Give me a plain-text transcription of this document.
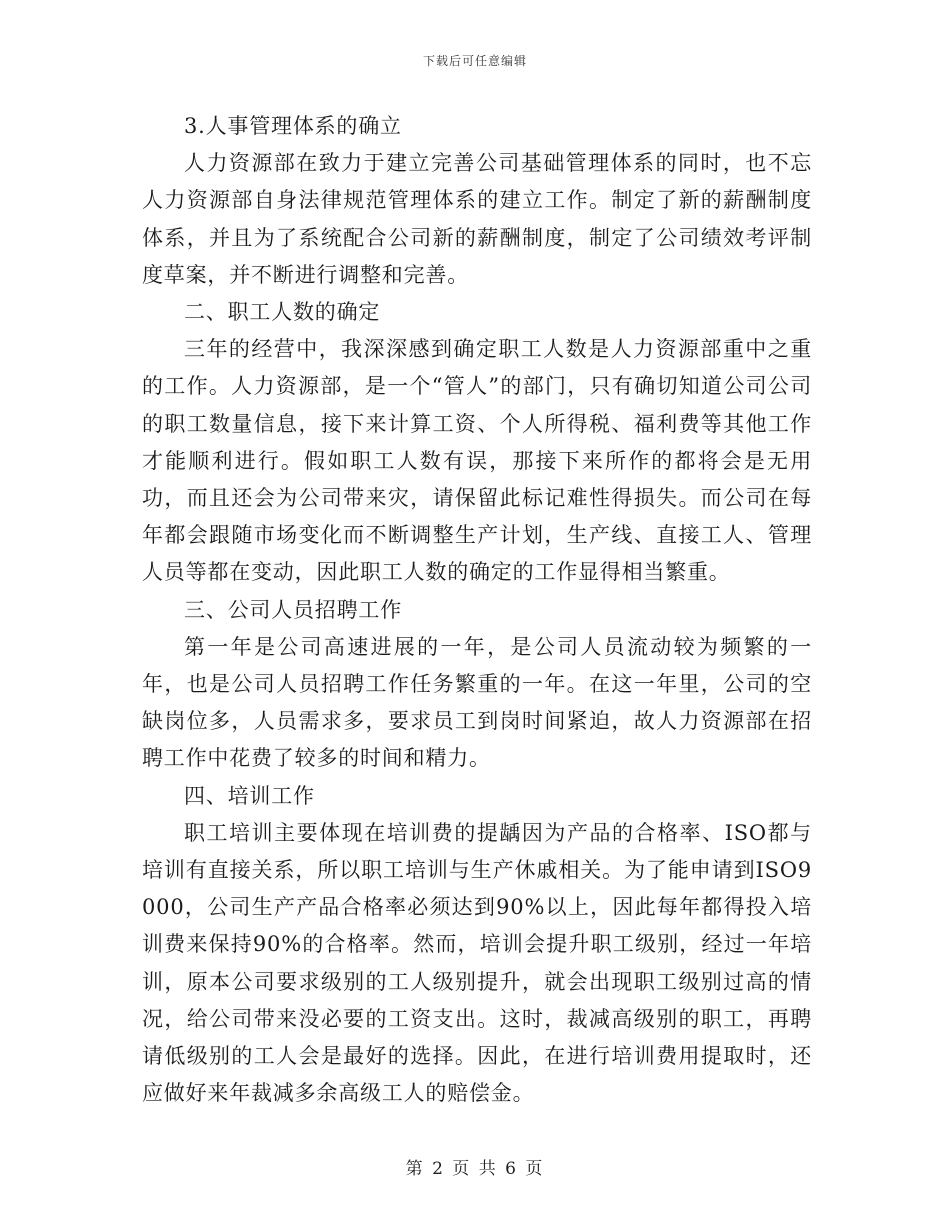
下载后可任意编辑

3.人事管理体系的确立

人力资源部在致力于建立完善公司基础管理体系的同时，也不忘人力资源部自身法律规范管理体系的建立工作。制定了新的薪酬制度体系，并且为了系统配合公司新的薪酬制度，制定了公司绩效考评制度草案，并不断进行调整和完善。

二、职工人数的确定

三年的经营中，我深深感到确定职工人数是人力资源部重中之重的工作。人力资源部，是一个“管人”的部门，只有确切知道公司公司的职工数量信息，接下来计算工资、个人所得税、福利费等其他工作才能顺利进行。假如职工人数有误，那接下来所作的都将会是无用功，而且还会为公司带来灾，请保留此标记难性得损失。而公司在每年都会跟随市场变化而不断调整生产计划，生产线、直接工人、管理人员等都在变动，因此职工人数的确定的工作显得相当繁重。

三、公司人员招聘工作

第一年是公司高速进展的一年，是公司人员流动较为频繁的一年，也是公司人员招聘工作任务繁重的一年。在这一年里，公司的空缺岗位多，人员需求多，要求员工到岗时间紧迫，故人力资源部在招聘工作中花费了较多的时间和精力。

四、培训工作

职工培训主要体现在培训费的提龋因为产品的合格率、ISO都与培训有直接关系，所以职工培训与生产休戚相关。为了能申请到ISO9000，公司生产产品合格率必须达到90%以上，因此每年都得投入培训费来保持90%的合格率。然而，培训会提升职工级别，经过一年培训，原本公司要求级别的工人级别提升，就会出现职工级别过高的情况，给公司带来没必要的工资支出。这时，裁减高级别的职工，再聘请低级别的工人会是最好的选择。因此，在进行培训费用提取时，还应做好来年裁减多余高级工人的赔偿金。

第 2 页 共 6 页
